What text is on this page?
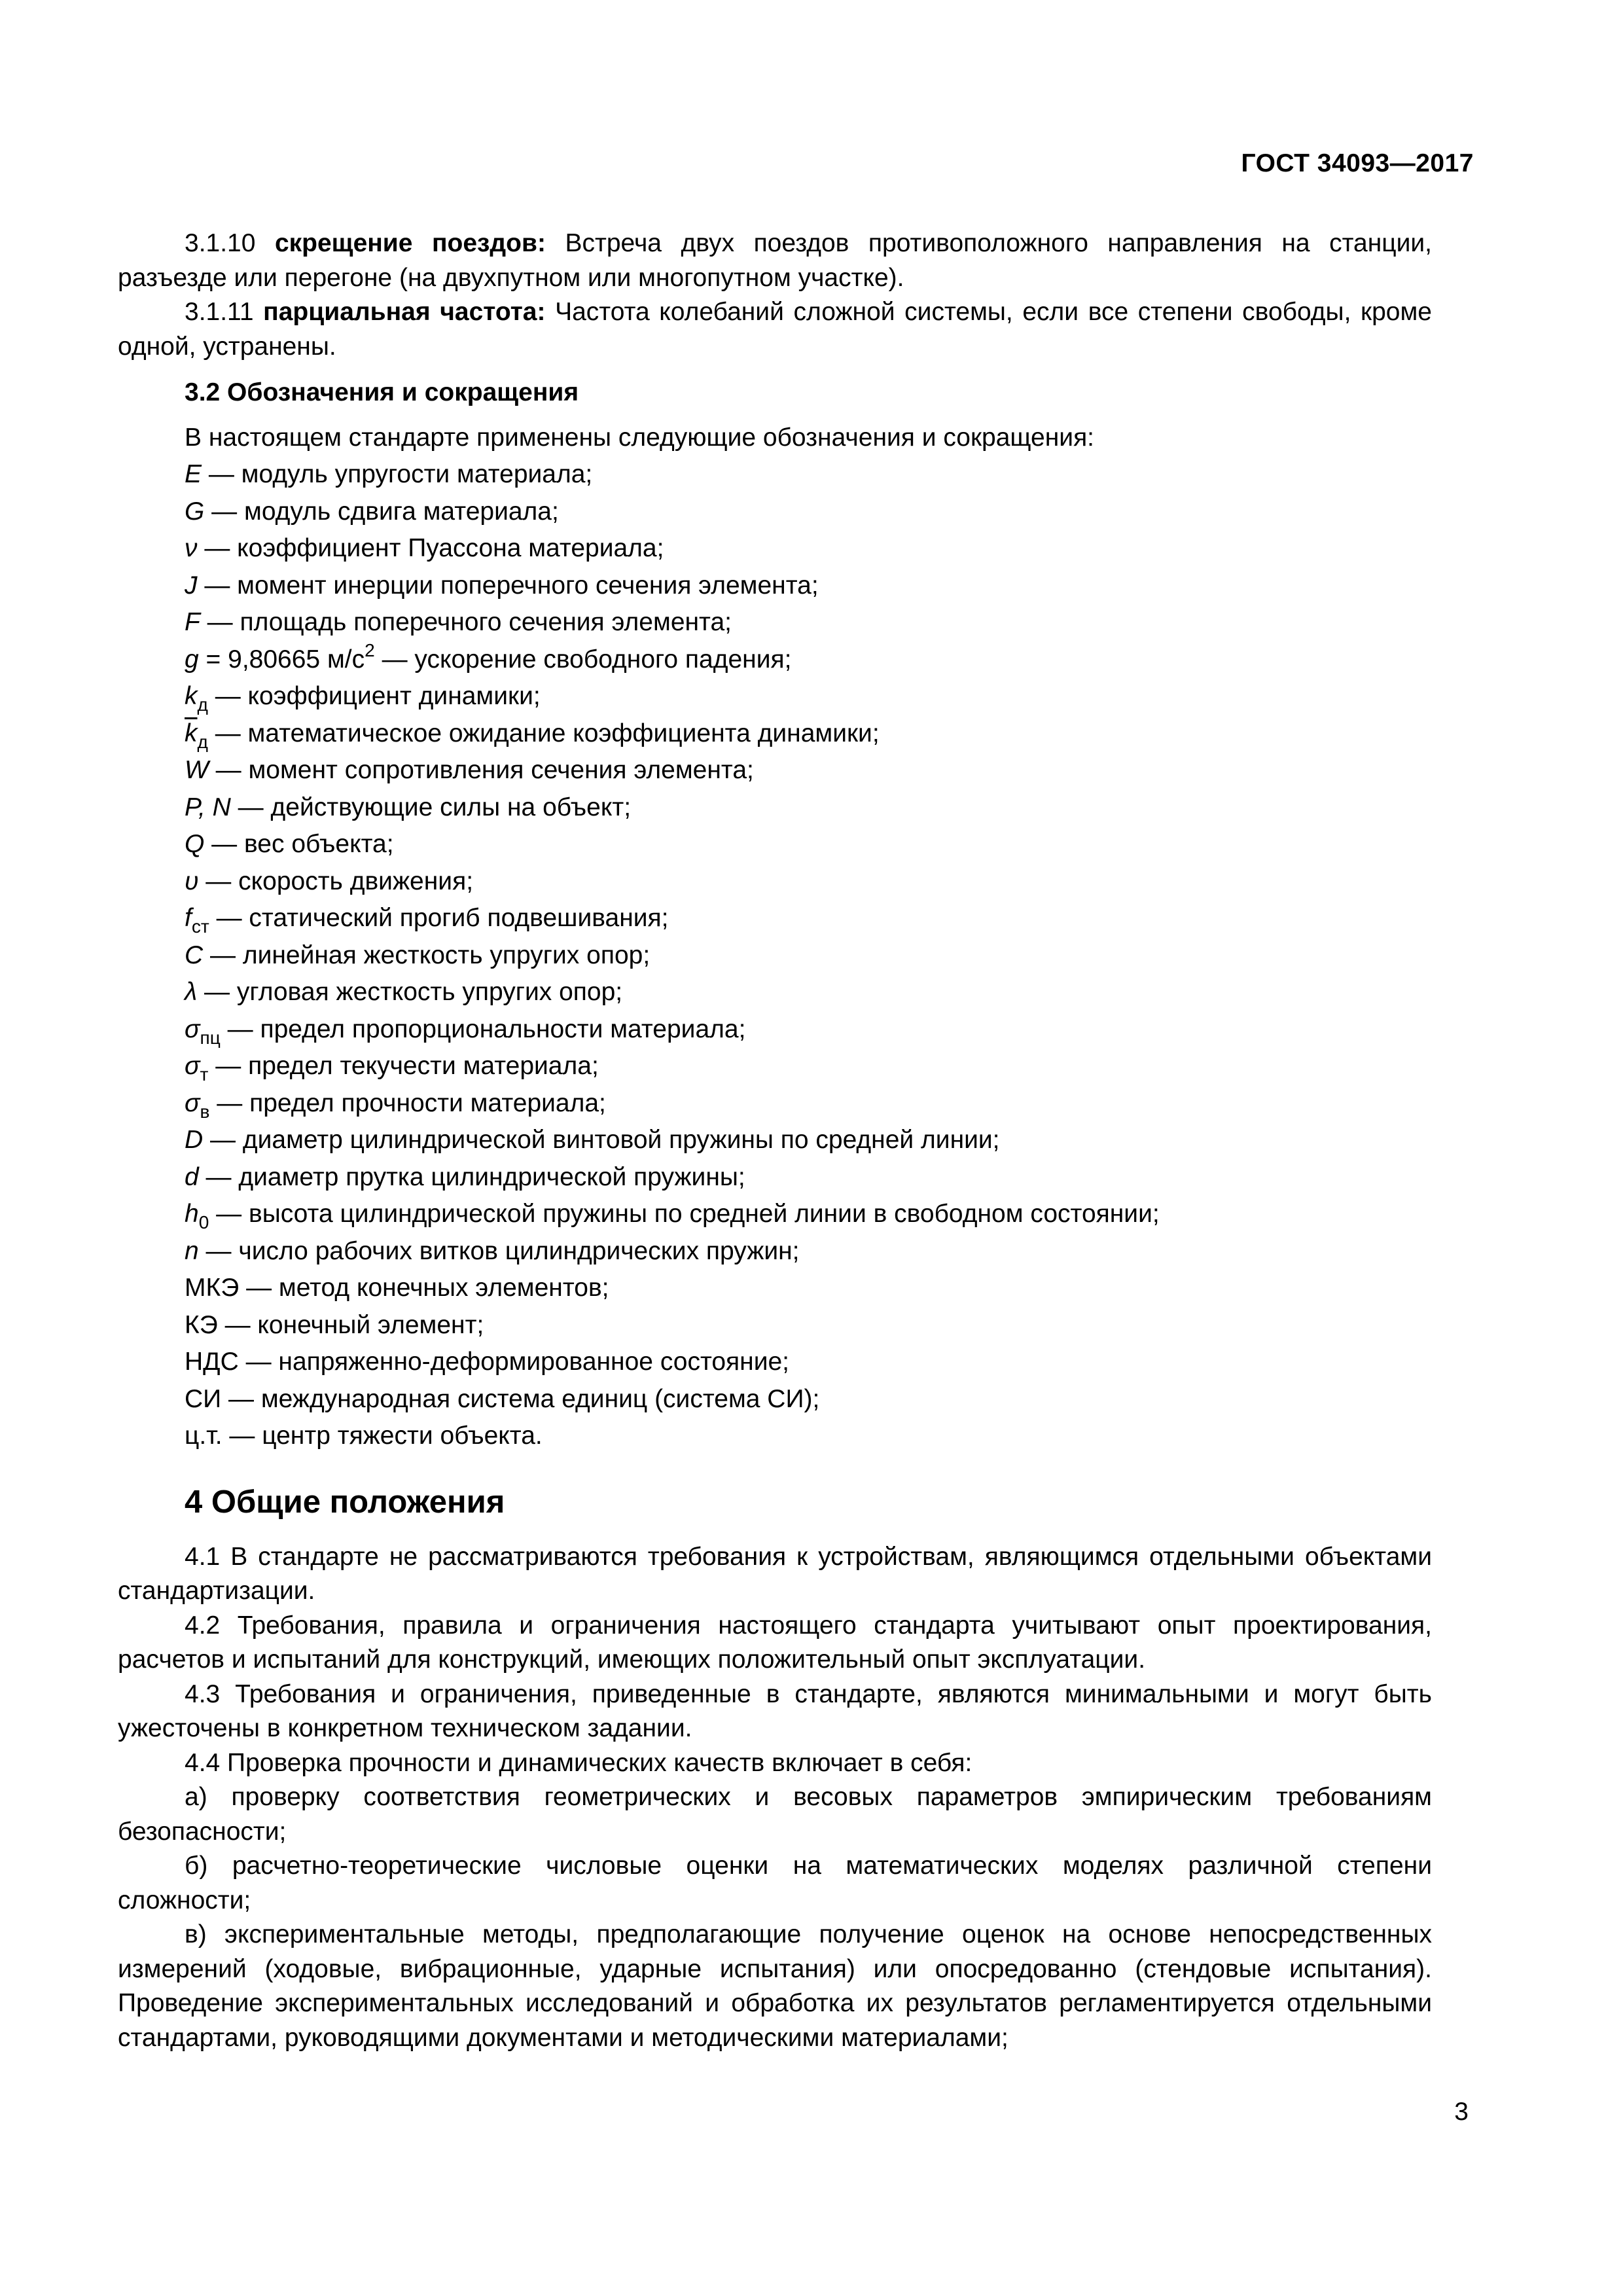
ГОСТ 34093—2017

3.1.10 скрещение поездов: Встреча двух поездов противоположного направления на станции, разъезде или перегоне (на двухпутном или многопутном участке).

3.1.11 парциальная частота: Частота колебаний сложной системы, если все степени свободы, кроме одной, устранены.

3.2 Обозначения и сокращения

В настоящем стандарте применены следующие обозначения и сокращения:

E — модуль упругости материала;

G — модуль сдвига материала;

ν — коэффициент Пуассона материала;

J — момент инерции поперечного сечения элемента;

F — площадь поперечного сечения элемента;

g = 9,80665 $м/с^2$ — ускорение свободного падения;

$k_д$ — коэффициент динамики;

$\overline{k}_д$ — математическое ожидание коэффициента динамики;

W — момент сопротивления сечения элемента;

P, N — действующие силы на объект;

Q — вес объекта;

υ — скорость движения;

$f_{ст}$ — статический прогиб подвешивания;

C — линейная жесткость упругих опор;

λ — угловая жесткость упругих опор;

$\sigma_{пц}$ — предел пропорциональности материала;

$\sigma_т$ — предел текучести материала;

$\sigma_в$ — предел прочности материала;

D — диаметр цилиндрической винтовой пружины по средней линии;

d — диаметр прутка цилиндрической пружины;

$h_0$ — высота цилиндрической пружины по средней линии в свободном состоянии;

n — число рабочих витков цилиндрических пружин;

МКЭ — метод конечных элементов;

КЭ — конечный элемент;

НДС — напряженно-деформированное состояние;

СИ — международная система единиц (система СИ);

ц.т. — центр тяжести объекта.

4 Общие положения

4.1 В стандарте не рассматриваются требования к устройствам, являющимся отдельными объектами стандартизации.

4.2 Требования, правила и ограничения настоящего стандарта учитывают опыт проектирования, расчетов и испытаний для конструкций, имеющих положительный опыт эксплуатации.

4.3 Требования и ограничения, приведенные в стандарте, являются минимальными и могут быть ужесточены в конкретном техническом задании.

4.4 Проверка прочности и динамических качеств включает в себя:

а) проверку соответствия геометрических и весовых параметров эмпирическим требованиям безопасности;

б) расчетно-теоретические числовые оценки на математических моделях различной степени сложности;

в) экспериментальные методы, предполагающие получение оценок на основе непосредственных измерений (ходовые, вибрационные, ударные испытания) или опосредованно (стендовые испытания). Проведение экспериментальных исследований и обработка их результатов регламентируется отдельными стандартами, руководящими документами и методическими материалами;

3
